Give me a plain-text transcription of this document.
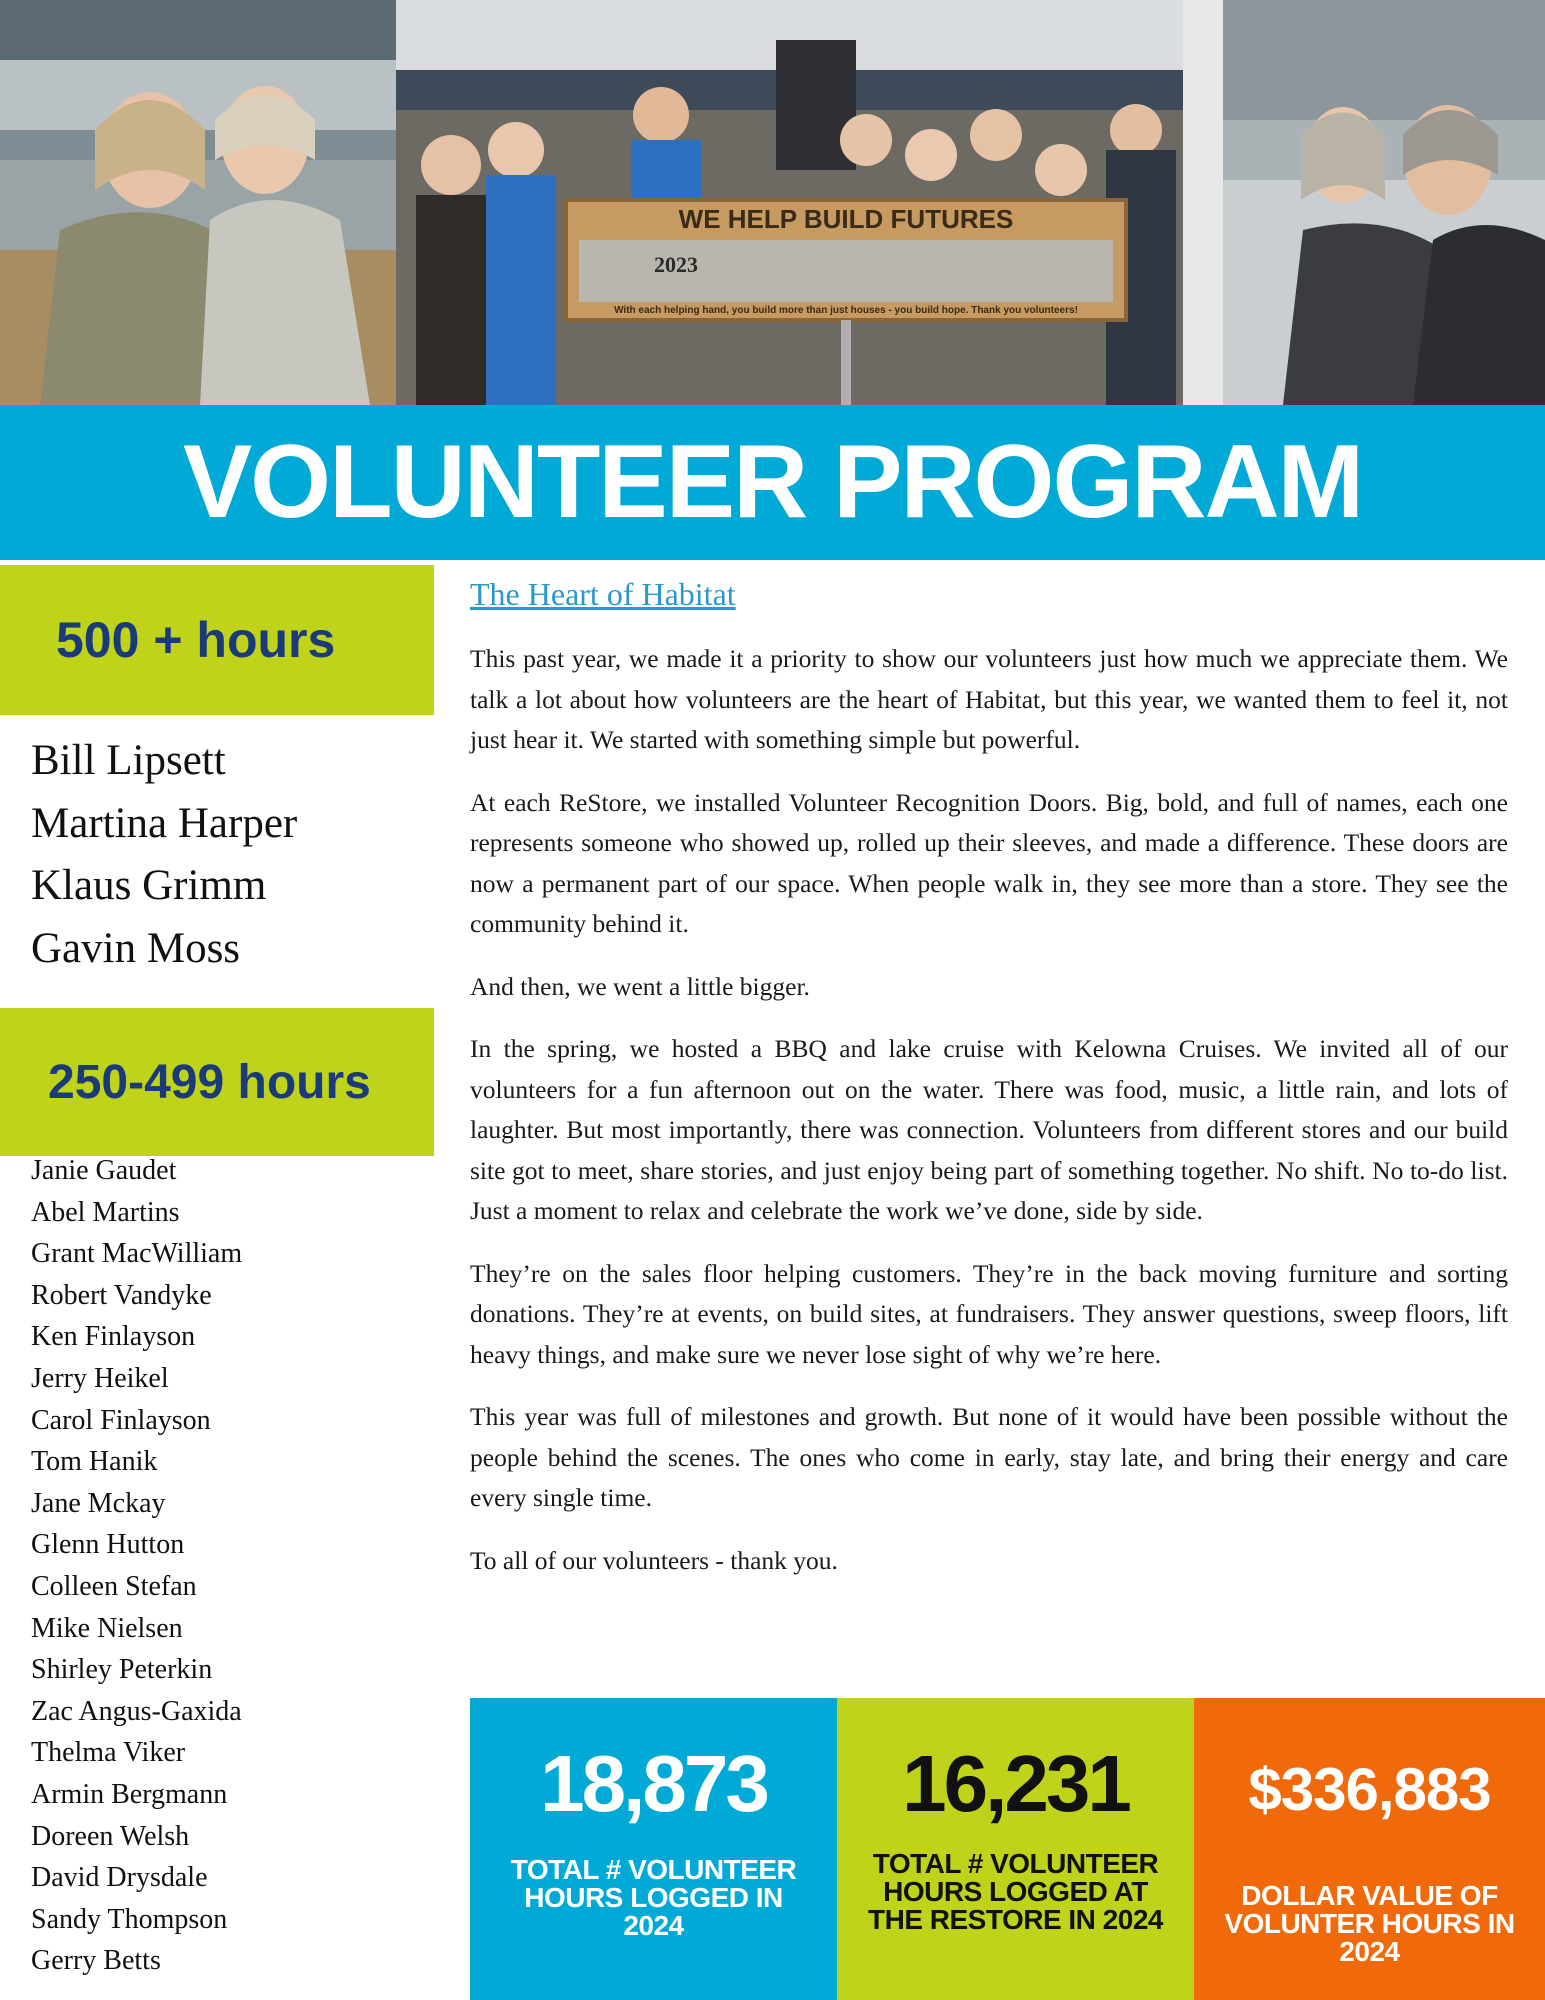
WE HELP BUILD FUTURES
2023
With each helping hand, you build more than just houses - you build hope. Thank you volunteers!
VOLUNTEER PROGRAM
500 + hours
Bill Lipsett
Martina Harper
Klaus Grimm
Gavin Moss
250-499 hours
Janie Gaudet
Abel Martins
Grant MacWilliam
Robert Vandyke
Ken Finlayson
Jerry Heikel
Carol Finlayson
Tom Hanik
Jane Mckay
Glenn Hutton
Colleen Stefan
Mike Nielsen
Shirley Peterkin
Zac Angus-Gaxida
Thelma Viker
Armin Bergmann
Doreen Welsh
David Drysdale
Sandy Thompson
Gerry Betts
The Heart of Habitat

This past year, we made it a priority to show our volunteers just how much we appreciate them. We talk a lot about how volunteers are the heart of Habitat, but this year, we wanted them to feel it, not just hear it. We started with something simple but powerful.

At each ReStore, we installed Volunteer Recognition Doors. Big, bold, and full of names, each one represents someone who showed up, rolled up their sleeves, and made a difference. These doors are now a permanent part of our space. When people walk in, they see more than a store. They see the community behind it.

And then, we went a little bigger.

In the spring, we hosted a BBQ and lake cruise with Kelowna Cruises. We invited all of our volunteers for a fun afternoon out on the water. There was food, music, a little rain, and lots of laughter. But most importantly, there was connection. Volunteers from different stores and our build site got to meet, share stories, and just enjoy being part of something together. No shift. No to-do list. Just a moment to relax and celebrate the work we’ve done, side by side.

They’re on the sales floor helping customers. They’re in the back moving furniture and sorting donations. They’re at events, on build sites, at fundraisers. They answer questions, sweep floors, lift heavy things, and make sure we never lose sight of why we’re here.

This year was full of milestones and growth. But none of it would have been possible without the people behind the scenes. The ones who come in early, stay late, and bring their energy and care every single time.

To all of our volunteers - thank you.

18,873
TOTAL # VOLUNTEER HOURS LOGGED IN 2024
16,231
TOTAL # VOLUNTEER HOURS LOGGED AT THE RESTORE IN 2024
$336,883
DOLLAR VALUE OF VOLUNTER HOURS IN 2024
